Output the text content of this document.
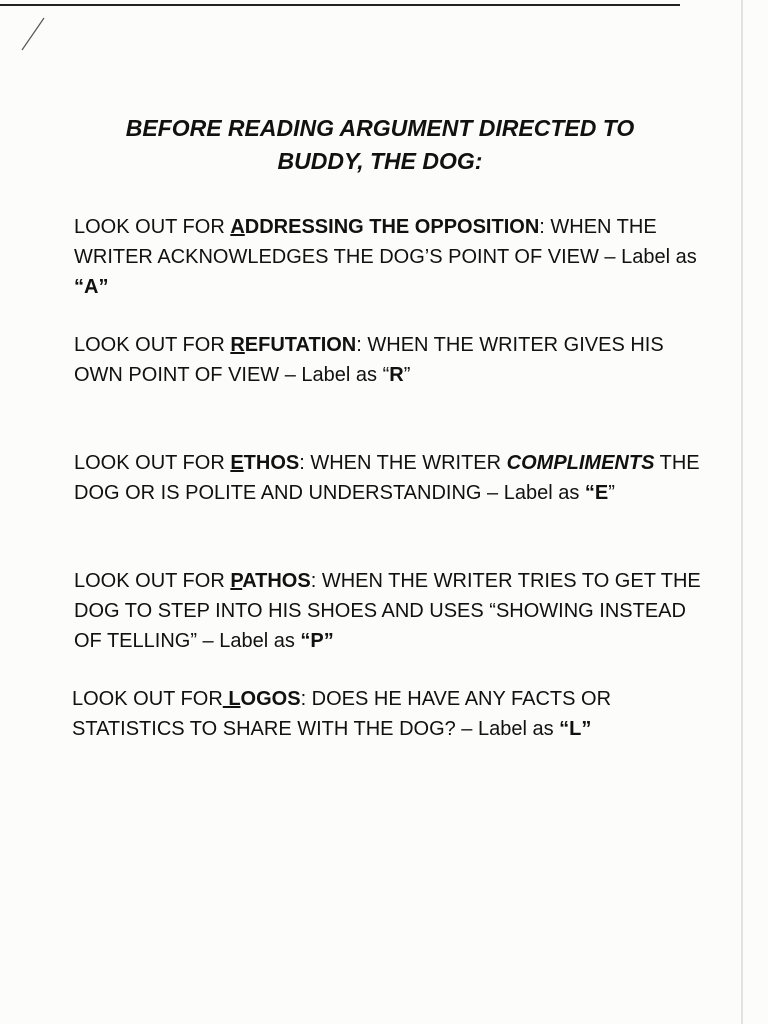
BEFORE READING ARGUMENT DIRECTED TO
BUDDY, THE DOG:

LOOK OUT FOR ADDRESSING THE OPPOSITION: WHEN THE WRITER ACKNOWLEDGES THE DOG’S POINT OF VIEW – Label as “A”

LOOK OUT FOR REFUTATION: WHEN THE WRITER GIVES HIS OWN POINT OF VIEW – Label as “R”

LOOK OUT FOR ETHOS: WHEN THE WRITER COMPLIMENTS THE DOG OR IS POLITE AND UNDERSTANDING – Label as “E”

LOOK OUT FOR PATHOS: WHEN THE WRITER TRIES TO GET THE DOG TO STEP INTO HIS SHOES AND USES “SHOWING INSTEAD OF TELLING” – Label as “P”

LOOK OUT FOR LOGOS: DOES HE HAVE ANY FACTS OR STATISTICS TO SHARE WITH THE DOG? – Label as “L”
